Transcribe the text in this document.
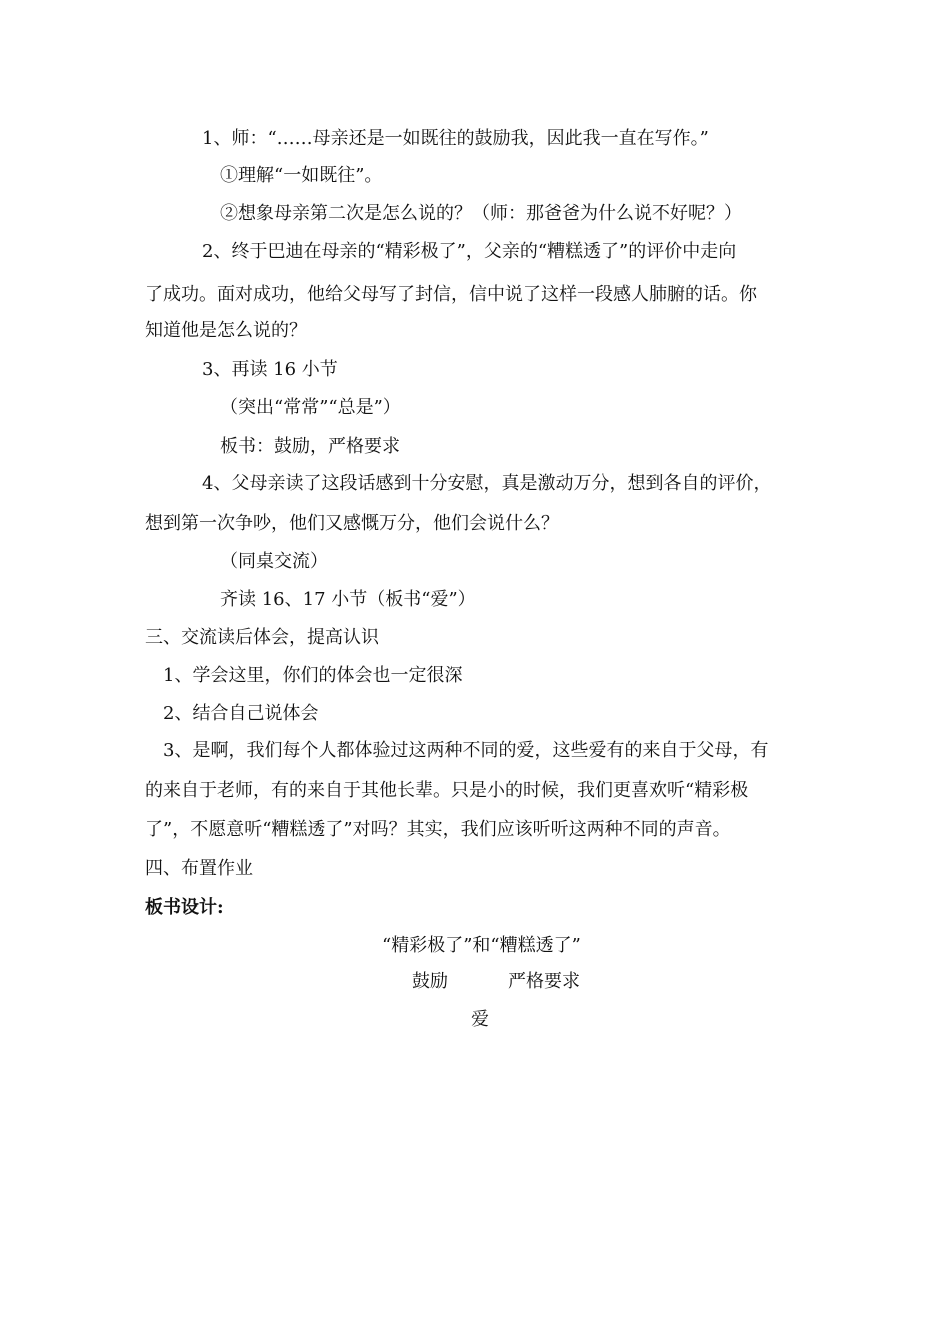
1、师：“……母亲还是一如既往的鼓励我，因此我一直在写作。”
①理解“一如既往”。
②想象母亲第二次是怎么说的？（师：那爸爸为什么说不好呢？）
2、终于巴迪在母亲的“精彩极了”，父亲的“糟糕透了”的评价中走向
了成功。面对成功，他给父母写了封信，信中说了这样一段感人肺腑的话。你
知道他是怎么说的？
3、再读 16 小节
（突出“常常”“总是”）
板书：鼓励，严格要求
4、父母亲读了这段话感到十分安慰，真是激动万分，想到各自的评价，
想到第一次争吵，他们又感慨万分，他们会说什么？
（同桌交流）
齐读 16、17 小节（板书“爱”）
三、交流读后体会，提高认识
1、学会这里，你们的体会也一定很深
2、结合自己说体会
3、是啊，我们每个人都体验过这两种不同的爱，这些爱有的来自于父母，有
的来自于老师，有的来自于其他长辈。只是小的时候，我们更喜欢听“精彩极
了”，不愿意听“糟糕透了”对吗？其实，我们应该听听这两种不同的声音。
四、布置作业
板书设计:
“精彩极了”和“糟糕透了”
鼓励	严格要求
爱
